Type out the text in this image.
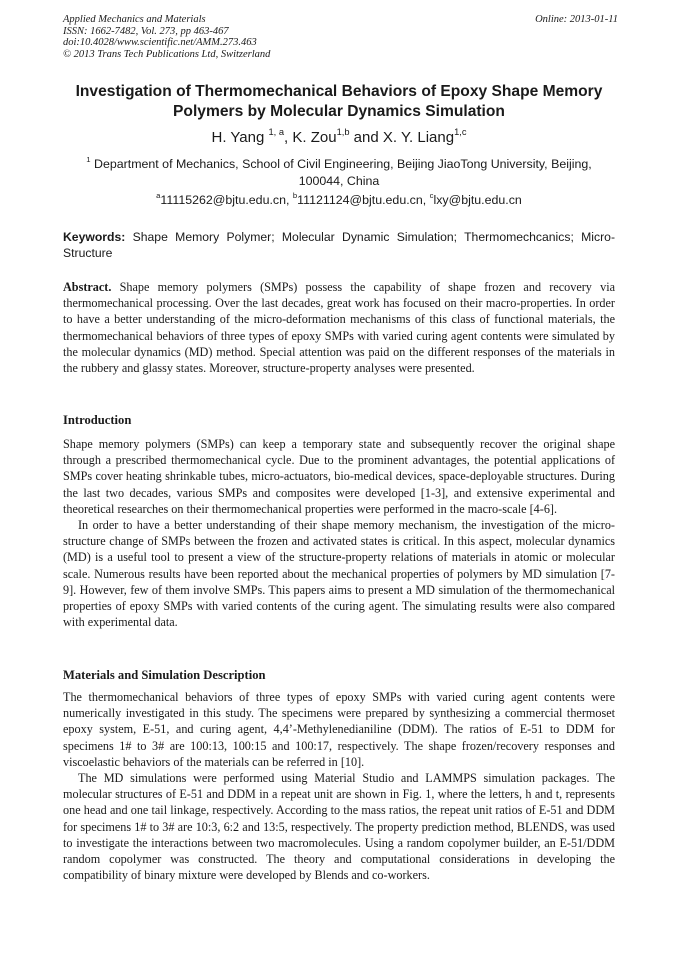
Applied Mechanics and Materials
ISSN: 1662-7482, Vol. 273, pp 463-467
doi:10.4028/www.scientific.net/AMM.273.463
© 2013 Trans Tech Publications Ltd, Switzerland
Online: 2013-01-11
Investigation of Thermomechanical Behaviors of Epoxy Shape Memory Polymers by Molecular Dynamics Simulation
H. Yang $^{1, a}$, K. Zou$^{1,b}$ and X. Y. Liang$^{1,c}$
$^1$ Department of Mechanics, School of Civil Engineering, Beijing JiaoTong University, Beijing, 100044, China
$^a$11115262@bjtu.edu.cn, $^b$11121124@bjtu.edu.cn, $^c$lxy@bjtu.edu.cn
Keywords: Shape Memory Polymer; Molecular Dynamic Simulation; Thermomechcanics; Micro-Structure

Abstract. Shape memory polymers (SMPs) possess the capability of shape frozen and recovery via thermomechanical processing. Over the last decades, great work has focused on their macro-properties. In order to have a better understanding of the micro-deformation mechanisms of this class of functional materials, the thermomechanical behaviors of three types of epoxy SMPs with varied curing agent contents were simulated by the molecular dynamics (MD) method. Special attention was paid on the different responses of the materials in the rubbery and glassy states. Moreover, structure-property analyses were presented.

Introduction

Shape memory polymers (SMPs) can keep a temporary state and subsequently recover the original shape through a prescribed thermomechanical cycle. Due to the prominent advantages, the potential applications of SMPs cover heating shrinkable tubes, micro-actuators, bio-medical devices, space-deployable structures. During the last two decades, various SMPs and composites were developed [1-3], and extensive experimental and theoretical researches on their thermomechanical properties were performed in the macro-scale [4-6].

In order to have a better understanding of their shape memory mechanism, the investigation of the micro-structure change of SMPs between the frozen and activated states is critical. In this aspect, molecular dynamics (MD) is a useful tool to present a view of the structure-property relations of materials in atomic or molecular scale. Numerous results have been reported about the mechanical properties of polymers by MD simulation [7-9]. However, few of them involve SMPs. This papers aims to present a MD simulation of the thermomechanical properties of epoxy SMPs with varied contents of the curing agent. The simulating results were also compared with experimental data.

Materials and Simulation Description

The thermomechanical behaviors of three types of epoxy SMPs with varied curing agent contents were numerically investigated in this study. The specimens were prepared by synthesizing a commercial thermoset epoxy system, E-51, and curing agent, 4,4’-Methylenedianiline (DDM). The ratios of E-51 to DDM for specimens 1# to 3# are 100:13, 100:15 and 100:17, respectively. The shape frozen/recovery responses and viscoelastic behaviors of the materials can be referred in [10].

The MD simulations were performed using Material Studio and LAMMPS simulation packages. The molecular structures of E-51 and DDM in a repeat unit are shown in Fig. 1, where the letters, h and t, represents one head and one tail linkage, respectively. According to the mass ratios, the repeat unit ratios of E-51 and DDM for specimens 1# to 3# are 10:3, 6:2 and 13:5, respectively. The property prediction method, BLENDS, was used to investigate the interactions between two macromolecules. Using a random copolymer builder, an E-51/DDM random copolymer was constructed. The theory and computational considerations in developing the compatibility of binary mixture were developed by Blends and co-workers.
